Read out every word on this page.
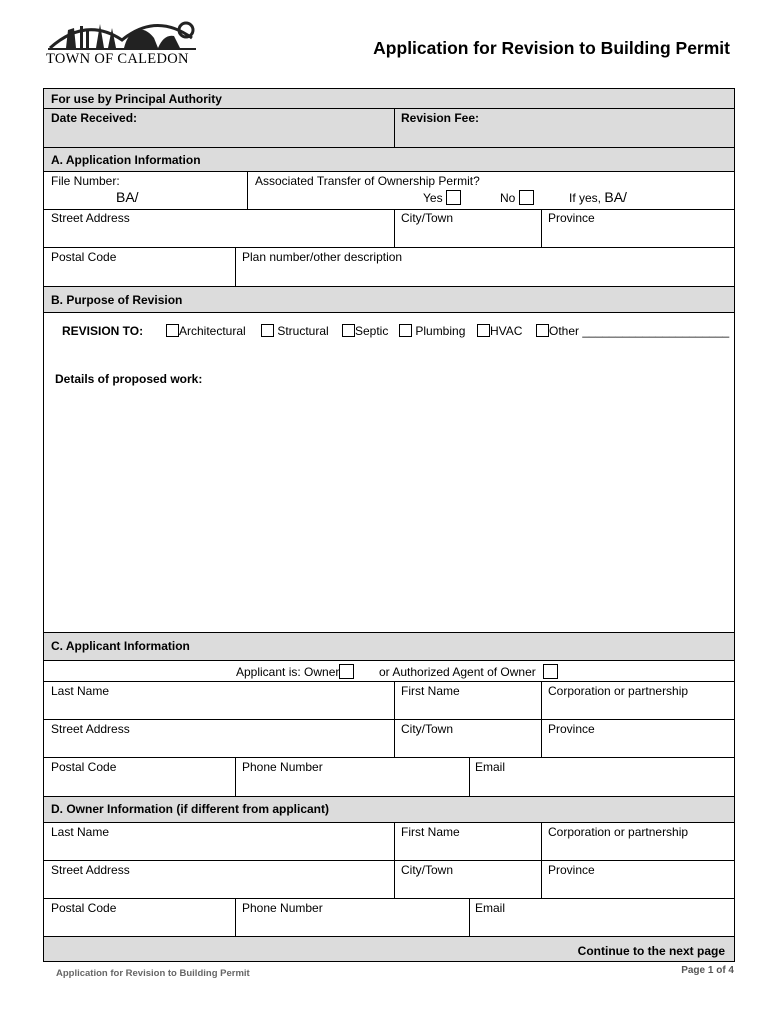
TOWN OF CALEDON
Application for Revision to Building Permit
For use by Principal Authority
Date Received:	Revision Fee:
A. Application Information
File Number:
BA/
Associated Transfer of Ownership Permit?
Yes	No	If yes, BA/
Street Address	City/Town	Province
Postal Code	Plan number/other description
B. Purpose of Revision
REVISION TO:	Architectural	Structural	Septic	Plumbing	HVAC	Other ______________________
Details of proposed work:
C. Applicant Information
Applicant is: Owner	or Authorized Agent of Owner
Last Name	First Name	Corporation or partnership
Street Address	City/Town	Province
Postal Code	Phone Number	Email
D. Owner Information (if different from applicant)
Last Name	First Name	Corporation or partnership
Street Address	City/Town	Province
Postal Code	Phone Number	Email
Continue to the next page
Application for Revision to Building Permit	Page 1 of 4
